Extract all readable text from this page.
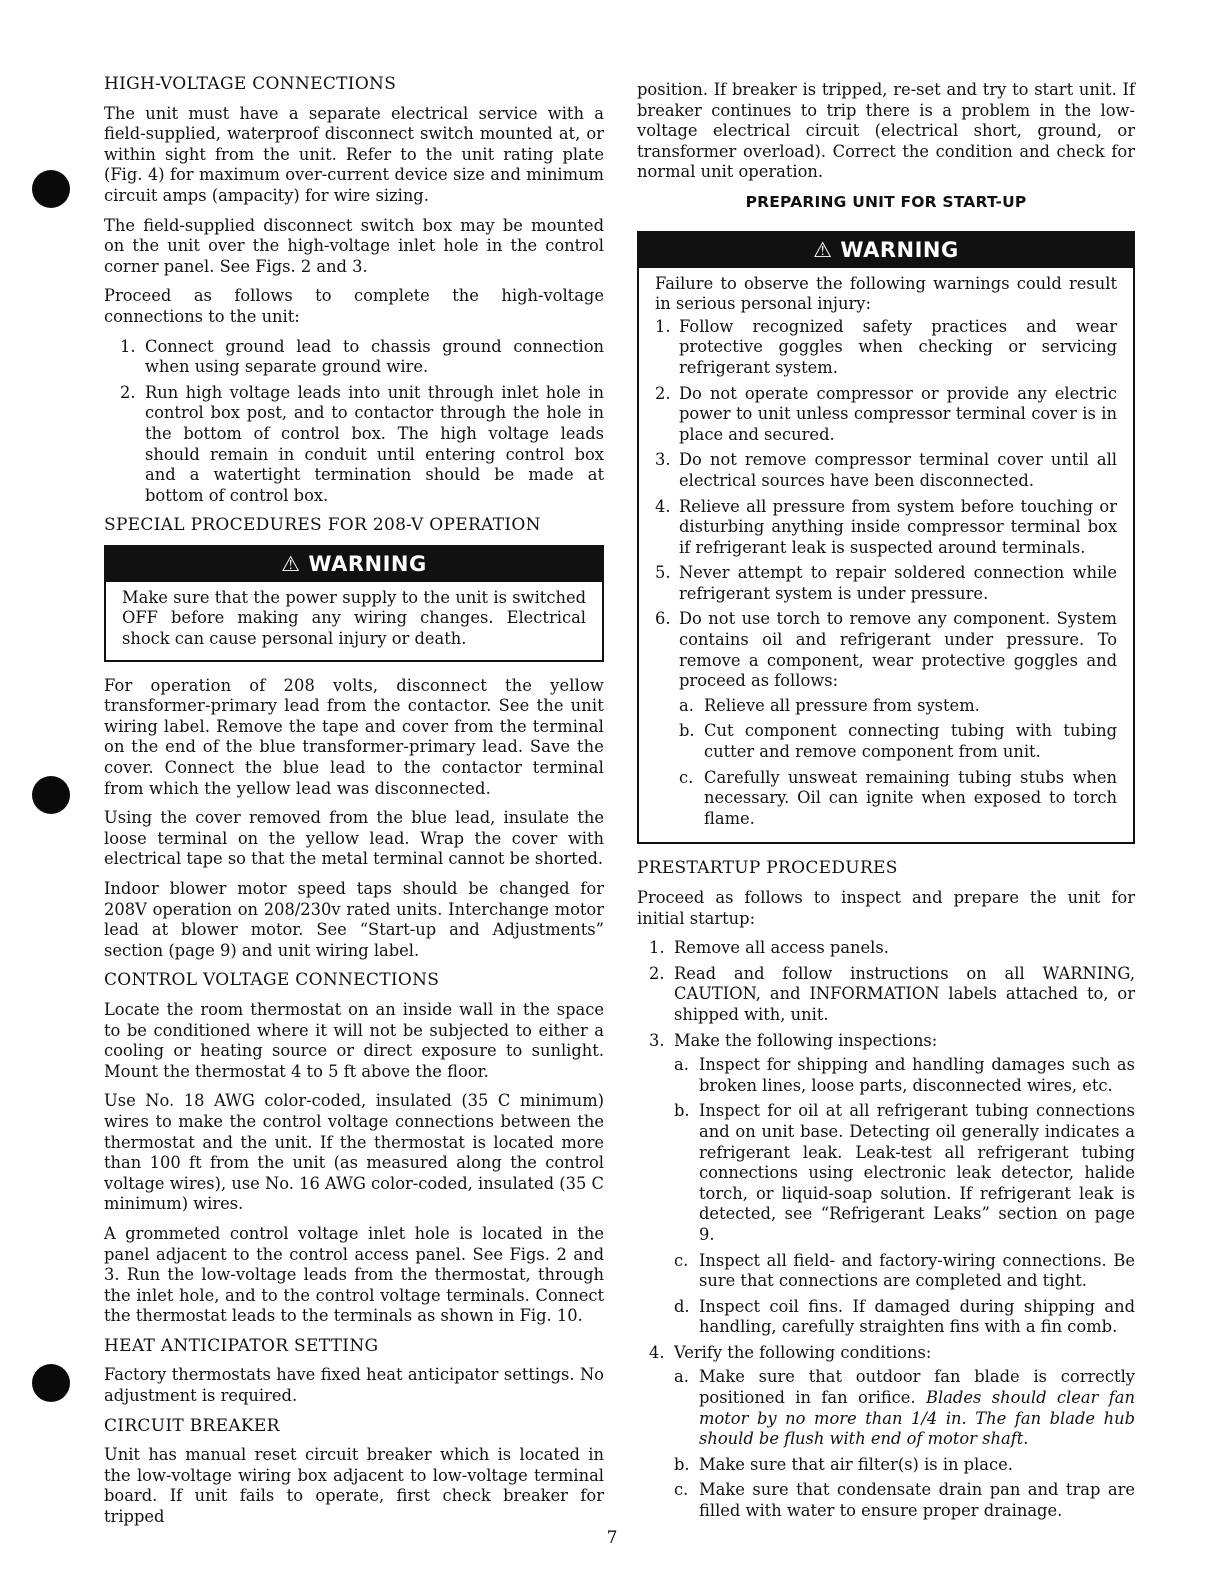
HIGH-VOLTAGE CONNECTIONS

The unit must have a separate electrical service with a field-supplied, waterproof disconnect switch mounted at, or within sight from the unit. Refer to the unit rating plate (Fig. 4) for maximum over-current device size and minimum circuit amps (ampacity) for wire sizing.

The field-supplied disconnect switch box may be mounted on the unit over the high-voltage inlet hole in the control corner panel. See Figs. 2 and 3.

Proceed as follows to complete the high-voltage connections to the unit:

1. Connect ground lead to chassis ground connection when using separate ground wire.
2. Run high voltage leads into unit through inlet hole in control box post, and to contactor through the hole in the bottom of control box. The high voltage leads should remain in conduit until entering control box and a watertight termination should be made at bottom of control box.
SPECIAL PROCEDURES FOR 208-V OPERATION
⚠ WARNING

Make sure that the power supply to the unit is switched OFF before making any wiring changes. Electrical shock can cause personal injury or death.

For operation of 208 volts, disconnect the yellow transformer-primary lead from the contactor. See the unit wiring label. Remove the tape and cover from the terminal on the end of the blue transformer-primary lead. Save the cover. Connect the blue lead to the contactor terminal from which the yellow lead was disconnected.

Using the cover removed from the blue lead, insulate the loose terminal on the yellow lead. Wrap the cover with electrical tape so that the metal terminal cannot be shorted.

Indoor blower motor speed taps should be changed for 208V operation on 208/230v rated units. Interchange motor lead at blower motor. See “Start-up and Adjustments” section (page 9) and unit wiring label.

CONTROL VOLTAGE CONNECTIONS

Locate the room thermostat on an inside wall in the space to be conditioned where it will not be subjected to either a cooling or heating source or direct exposure to sunlight. Mount the thermostat 4 to 5 ft above the floor.

Use No. 18 AWG color-coded, insulated (35 C minimum) wires to make the control voltage connections between the thermostat and the unit. If the thermostat is located more than 100 ft from the unit (as measured along the control voltage wires), use No. 16 AWG color-coded, insulated (35 C minimum) wires.

A grommeted control voltage inlet hole is located in the panel adjacent to the control access panel. See Figs. 2 and 3. Run the low-voltage leads from the thermostat, through the inlet hole, and to the control voltage terminals. Connect the thermostat leads to the terminals as shown in Fig. 10.

HEAT ANTICIPATOR SETTING

Factory thermostats have fixed heat anticipator settings. No adjustment is required.

CIRCUIT BREAKER

Unit has manual reset circuit breaker which is located in the low-voltage wiring box adjacent to low-voltage terminal board. If unit fails to operate, first check breaker for tripped

position. If breaker is tripped, re-set and try to start unit. If breaker continues to trip there is a problem in the low-voltage electrical circuit (electrical short, ground, or transformer overload). Correct the condition and check for normal unit operation.

PREPARING UNIT FOR START-UP
⚠ WARNING

Failure to observe the following warnings could result in serious personal injury:

1. Follow recognized safety practices and wear protective goggles when checking or servicing refrigerant system.
2. Do not operate compressor or provide any electric power to unit unless compressor terminal cover is in place and secured.
3. Do not remove compressor terminal cover until all electrical sources have been disconnected.
4. Relieve all pressure from system before touching or disturbing anything inside compressor terminal box if refrigerant leak is suspected around terminals.
5. Never attempt to repair soldered connection while refrigerant system is under pressure.
6. Do not use torch to remove any component. System contains oil and refrigerant under pressure. To remove a component, wear protective goggles and proceed as follows:
a. Relieve all pressure from system.
b. Cut component connecting tubing with tubing cutter and remove component from unit.
c. Carefully unsweat remaining tubing stubs when necessary. Oil can ignite when exposed to torch flame.
PRESTARTUP PROCEDURES

Proceed as follows to inspect and prepare the unit for initial startup:

1. Remove all access panels.
2. Read and follow instructions on all WARNING, CAUTION, and INFORMATION labels attached to, or shipped with, unit.
3. Make the following inspections:
a. Inspect for shipping and handling damages such as broken lines, loose parts, disconnected wires, etc.
b. Inspect for oil at all refrigerant tubing connections and on unit base. Detecting oil generally indicates a refrigerant leak. Leak-test all refrigerant tubing connections using electronic leak detector, halide torch, or liquid-soap solution. If refrigerant leak is detected, see “Refrigerant Leaks” section on page 9.
c. Inspect all field- and factory-wiring connections. Be sure that connections are completed and tight.
d. Inspect coil fins. If damaged during shipping and handling, carefully straighten fins with a fin comb.
4. Verify the following conditions:
a. Make sure that outdoor fan blade is correctly positioned in fan orifice. Blades should clear fan motor by no more than 1/4 in. The fan blade hub should be flush with end of motor shaft.
b. Make sure that air filter(s) is in place.
c. Make sure that condensate drain pan and trap are filled with water to ensure proper drainage.
7
